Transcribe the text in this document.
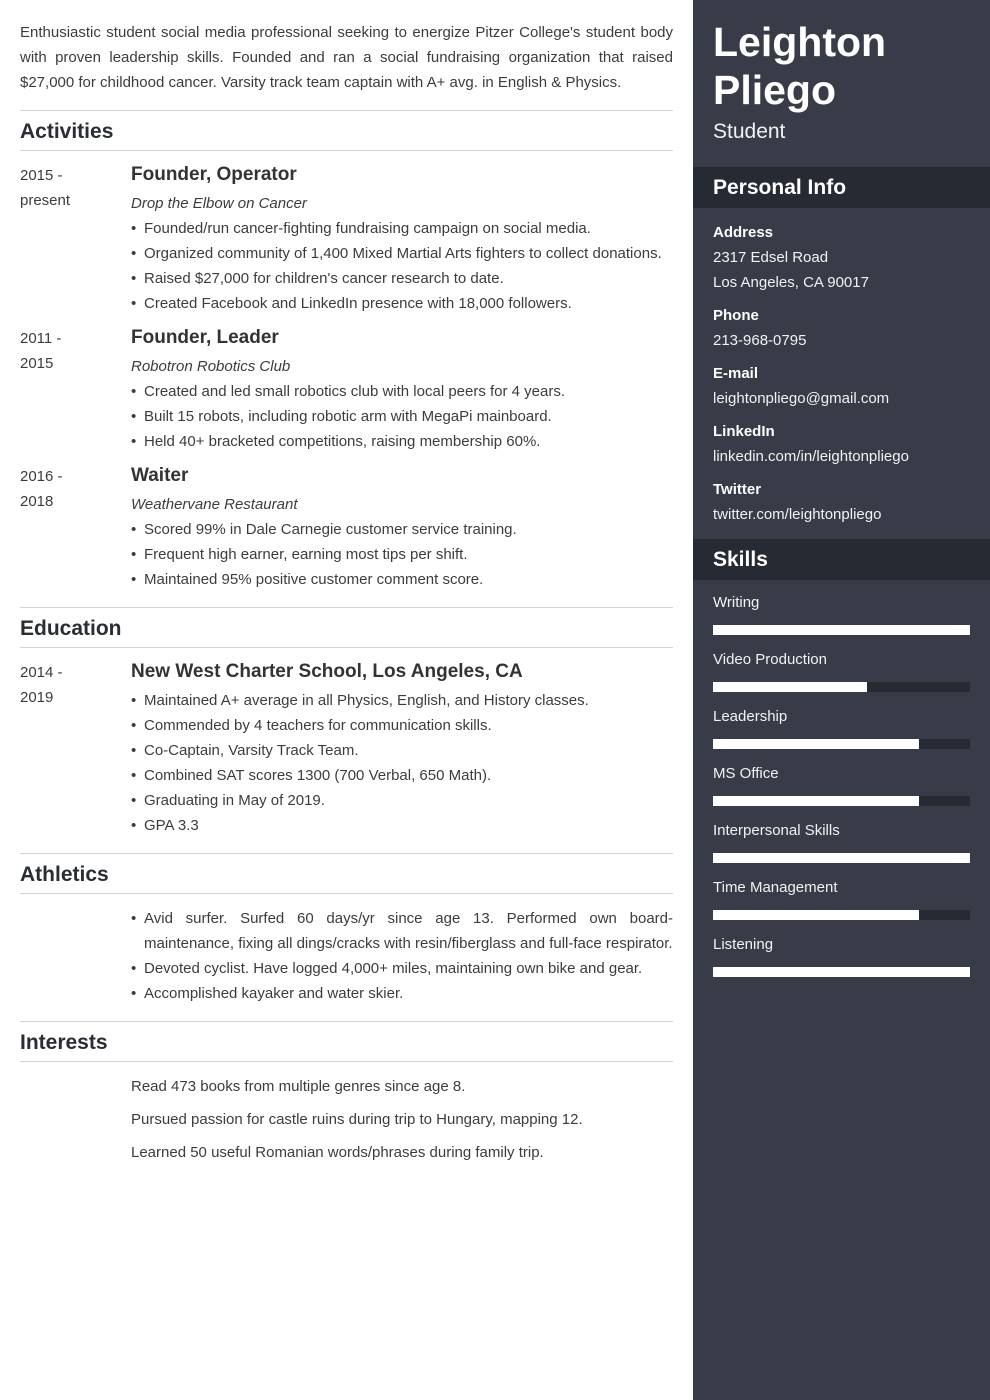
Enthusiastic student social media professional seeking to energize Pitzer College's student body with proven leadership skills. Founded and ran a social fundraising organization that raised $27,000 for childhood cancer. Varsity track team captain with A+ avg. in English & Physics.

Activities
2015 -
present
Founder, Operator
Drop the Elbow on Cancer
• Founded/run cancer-fighting fundraising campaign on social media.
• Organized community of 1,400 Mixed Martial Arts fighters to collect donations.
• Raised $27,000 for children's cancer research to date.
• Created Facebook and LinkedIn presence with 18,000 followers.
2011 -
2015
Founder, Leader
Robotron Robotics Club
• Created and led small robotics club with local peers for 4 years.
• Built 15 robots, including robotic arm with MegaPi mainboard.
• Held 40+ bracketed competitions, raising membership 60%.
2016 -
2018
Waiter
Weathervane Restaurant
• Scored 99% in Dale Carnegie customer service training.
• Frequent high earner, earning most tips per shift.
• Maintained 95% positive customer comment score.
Education
2014 -
2019
New West Charter School, Los Angeles, CA
• Maintained A+ average in all Physics, English, and History classes.
• Commended by 4 teachers for communication skills.
• Co-Captain, Varsity Track Team.
• Combined SAT scores 1300 (700 Verbal, 650 Math).
• Graduating in May of 2019.
• GPA 3.3
Athletics
• Avid surfer. Surfed 60 days/yr since age 13. Performed own board-maintenance, fixing all dings/cracks with resin/fiberglass and full-face respirator.
• Devoted cyclist. Have logged 4,000+ miles, maintaining own bike and gear.
• Accomplished kayaker and water skier.
Interests

Read 473 books from multiple genres since age 8.

Pursued passion for castle ruins during trip to Hungary, mapping 12.

Learned 50 useful Romanian words/phrases during family trip.

Leighton
Pliego
Student
Personal Info
Address
2317 Edsel Road
Los Angeles, CA 90017
Phone
213-968-0795
E-mail
leightonpliego@gmail.com
LinkedIn
linkedin.com/in/leightonpliego
Twitter
twitter.com/leightonpliego
Skills
Writing
Video Production
Leadership
MS Office
Interpersonal Skills
Time Management
Listening
